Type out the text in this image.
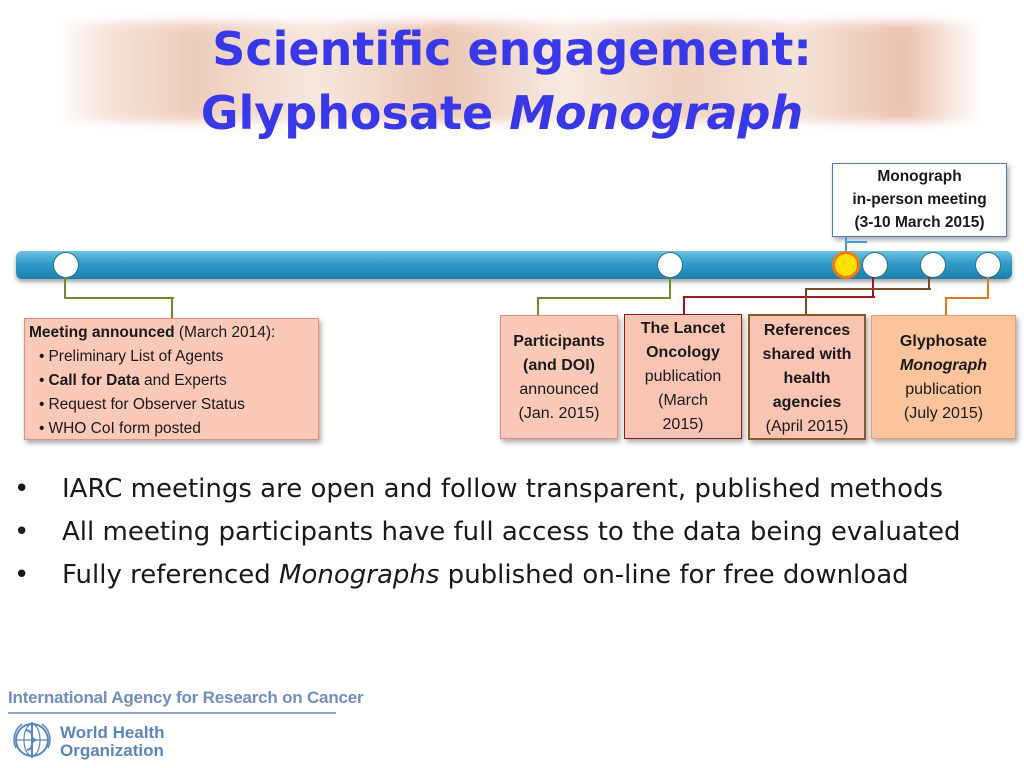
Scientific engagement:
Glyphosate Monograph
Monograph
in-person meeting
(3-10 March 2015)
Meeting announced (March 2014):
• Preliminary List of Agents
• Call for Data and Experts
• Request for Observer Status
• WHO CoI form posted
Participants
(and DOI)
announced
(Jan. 2015)
The Lancet
Oncology
publication
(March
2015)
References
shared with
health
agencies
(April 2015)
Glyphosate
Monograph
publication
(July 2015)
• IARC meetings are open and follow transparent, published methods
• All meeting participants have full access to the data being evaluated
• Fully referenced Monographs published on-line for free download
International Agency for Research on Cancer
World Health
Organization
